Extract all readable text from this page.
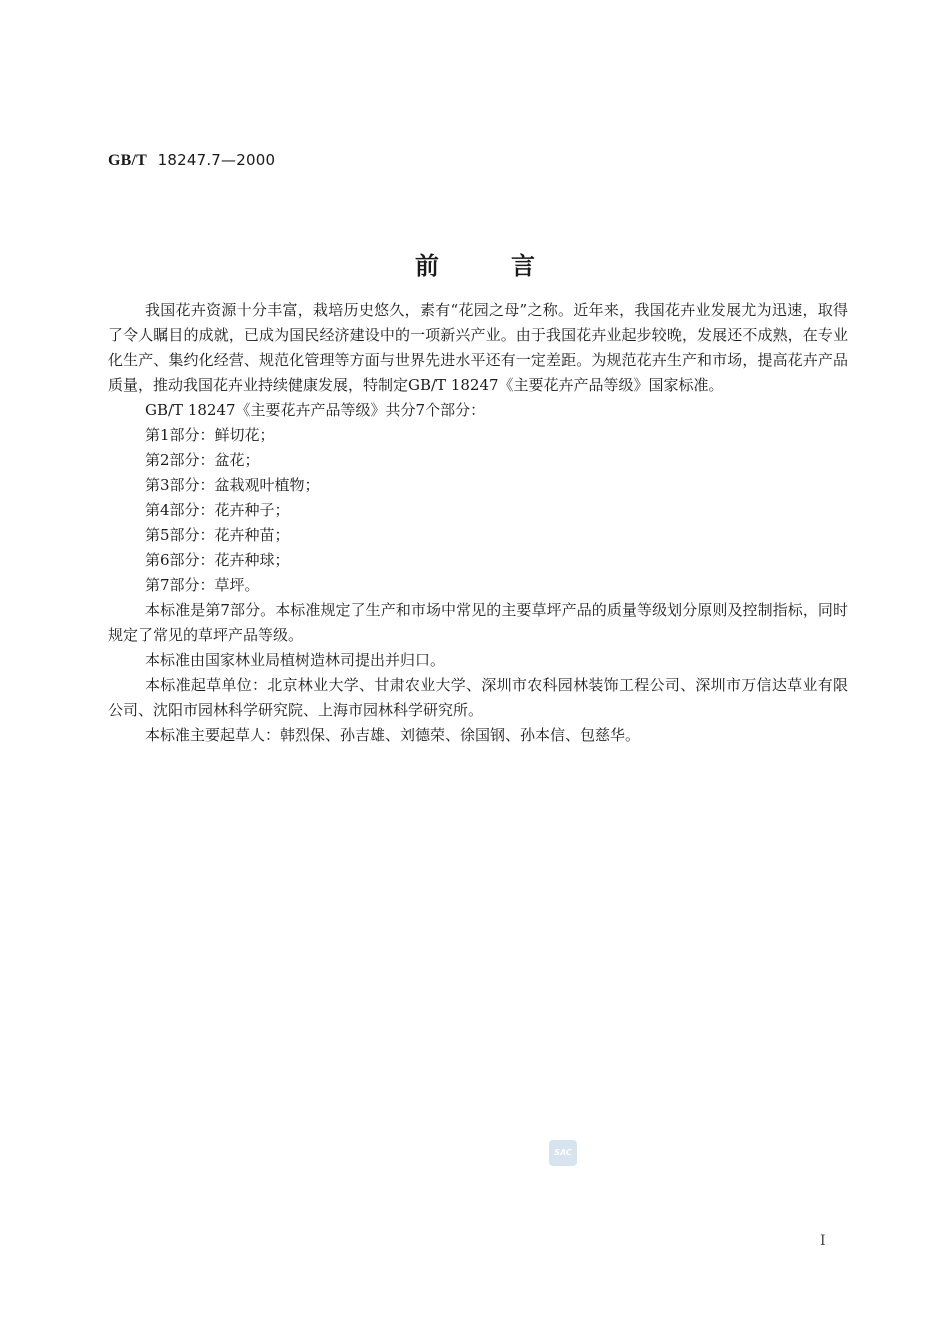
GB/T 18247.7—2000
前言

我国花卉资源十分丰富，栽培历史悠久，素有“花园之母”之称。近年来，我国花卉业发展尤为迅速，取得了令人瞩目的成就，已成为国民经济建设中的一项新兴产业。由于我国花卉业起步较晚，发展还不成熟，在专业化生产、集约化经营、规范化管理等方面与世界先进水平还有一定差距。为规范花卉生产和市场，提高花卉产品质量，推动我国花卉业持续健康发展，特制定GB/T 18247《主要花卉产品等级》国家标准。

GB/T 18247《主要花卉产品等级》共分7个部分：

第1部分：鲜切花；

第2部分：盆花；

第3部分：盆栽观叶植物；

第4部分：花卉种子；

第5部分：花卉种苗；

第6部分：花卉种球；

第7部分：草坪。

本标准是第7部分。本标准规定了生产和市场中常见的主要草坪产品的质量等级划分原则及控制指标，同时规定了常见的草坪产品等级。

本标准由国家林业局植树造林司提出并归口。

本标准起草单位：北京林业大学、甘肃农业大学、深圳市农科园林装饰工程公司、深圳市万信达草业有限公司、沈阳市园林科学研究院、上海市园林科学研究所。

本标准主要起草人：韩烈保、孙吉雄、刘德荣、徐国钢、孙本信、包慈华。

SAC
I
